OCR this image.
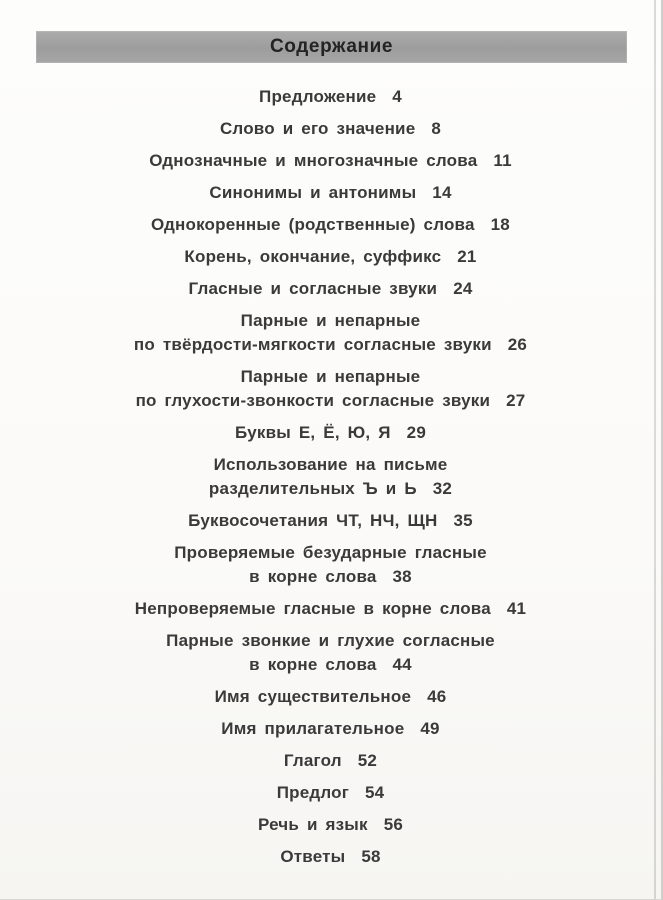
Содержание
Предложение 4
Слово и его значение 8
Однозначные и многозначные слова 11
Синонимы и антонимы 14
Однокоренные (родственные) слова 18
Корень, окончание, суффикс 21
Гласные и согласные звуки 24
Парные и непарные
по твёрдости-мягкости согласные звуки 26
Парные и непарные
по глухости-звонкости согласные звуки 27
Буквы Е, Ё, Ю, Я 29
Использование на письме
разделительных Ъ и Ь 32
Буквосочетания ЧТ, НЧ, ЩН 35
Проверяемые безударные гласные
в корне слова 38
Непроверяемые гласные в корне слова 41
Парные звонкие и глухие согласные
в корне слова 44
Имя существительное 46
Имя прилагательное 49
Глагол 52
Предлог 54
Речь и язык 56
Ответы 58
